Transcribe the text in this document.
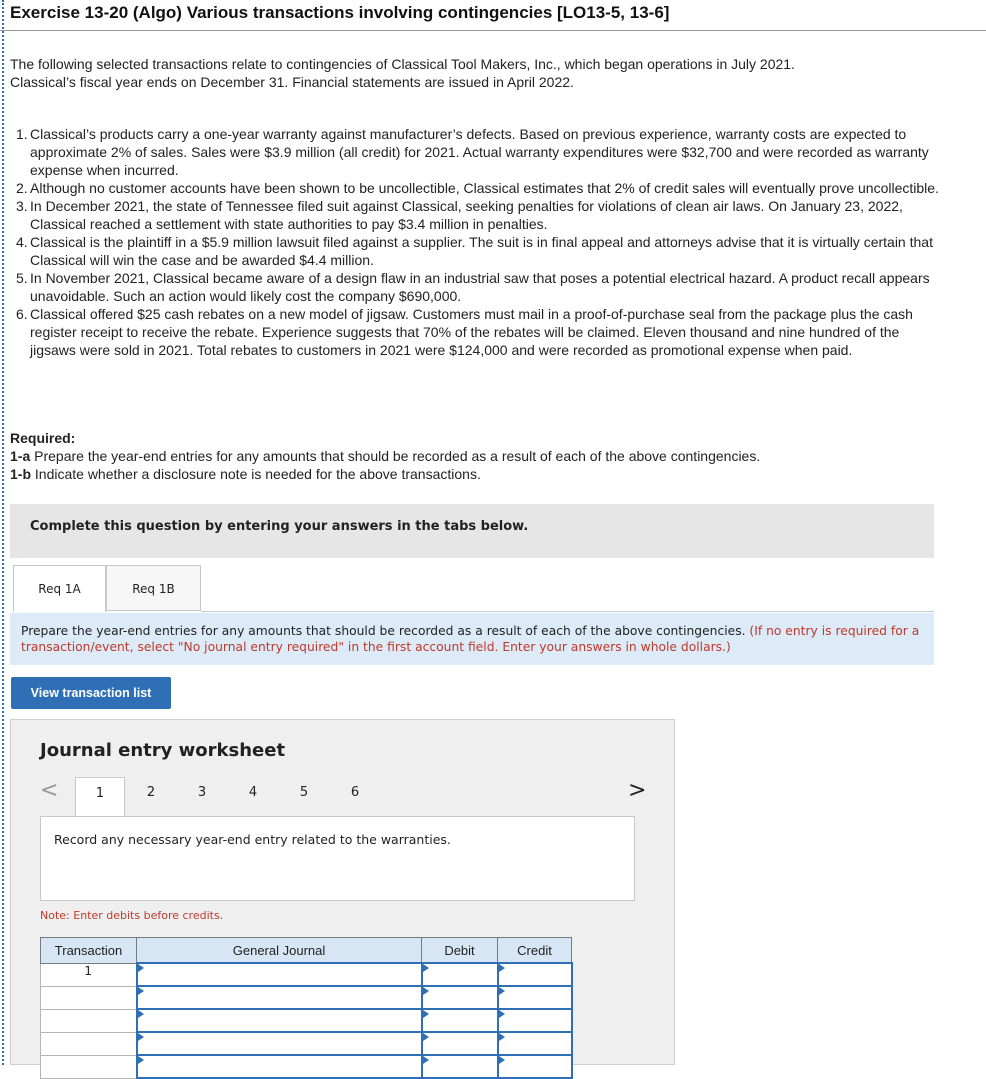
Exercise 13-20 (Algo) Various transactions involving contingencies [LO13-5, 13-6]
The following selected transactions relate to contingencies of Classical Tool Makers, Inc., which began operations in July 2021.
Classical’s fiscal year ends on December 31. Financial statements are issued in April 2022.
1. Classical’s products carry a one-year warranty against manufacturer’s defects. Based on previous experience, warranty costs are expected to approximate 2% of sales. Sales were $3.9 million (all credit) for 2021. Actual warranty expenditures were $32,700 and were recorded as warranty expense when incurred.
2. Although no customer accounts have been shown to be uncollectible, Classical estimates that 2% of credit sales will eventually prove uncollectible.
3. In December 2021, the state of Tennessee filed suit against Classical, seeking penalties for violations of clean air laws. On January 23, 2022, Classical reached a settlement with state authorities to pay $3.4 million in penalties.
4. Classical is the plaintiff in a $5.9 million lawsuit filed against a supplier. The suit is in final appeal and attorneys advise that it is virtually certain that Classical will win the case and be awarded $4.4 million.
5. In November 2021, Classical became aware of a design flaw in an industrial saw that poses a potential electrical hazard. A product recall appears unavoidable. Such an action would likely cost the company $690,000.
6. Classical offered $25 cash rebates on a new model of jigsaw. Customers must mail in a proof-of-purchase seal from the package plus the cash register receipt to receive the rebate. Experience suggests that 70% of the rebates will be claimed. Eleven thousand and nine hundred of the jigsaws were sold in 2021. Total rebates to customers in 2021 were $124,000 and were recorded as promotional expense when paid.
Required:
1-a Prepare the year-end entries for any amounts that should be recorded as a result of each of the above contingencies.
1-b Indicate whether a disclosure note is needed for the above transactions.
Complete this question by entering your answers in the tabs below.
Req 1A	Req 1B
Prepare the year-end entries for any amounts that should be recorded as a result of each of the above contingencies. (If no entry is required for a transaction/event, select "No journal entry required" in the first account field. Enter your answers in whole dollars.)
View transaction list
Journal entry worksheet
<	1	2	3	4	5	6	>
Record any necessary year-end entry related to the warranties.
Note: Enter debits before credits.
Transaction	General Journal	Debit	Credit
1			
